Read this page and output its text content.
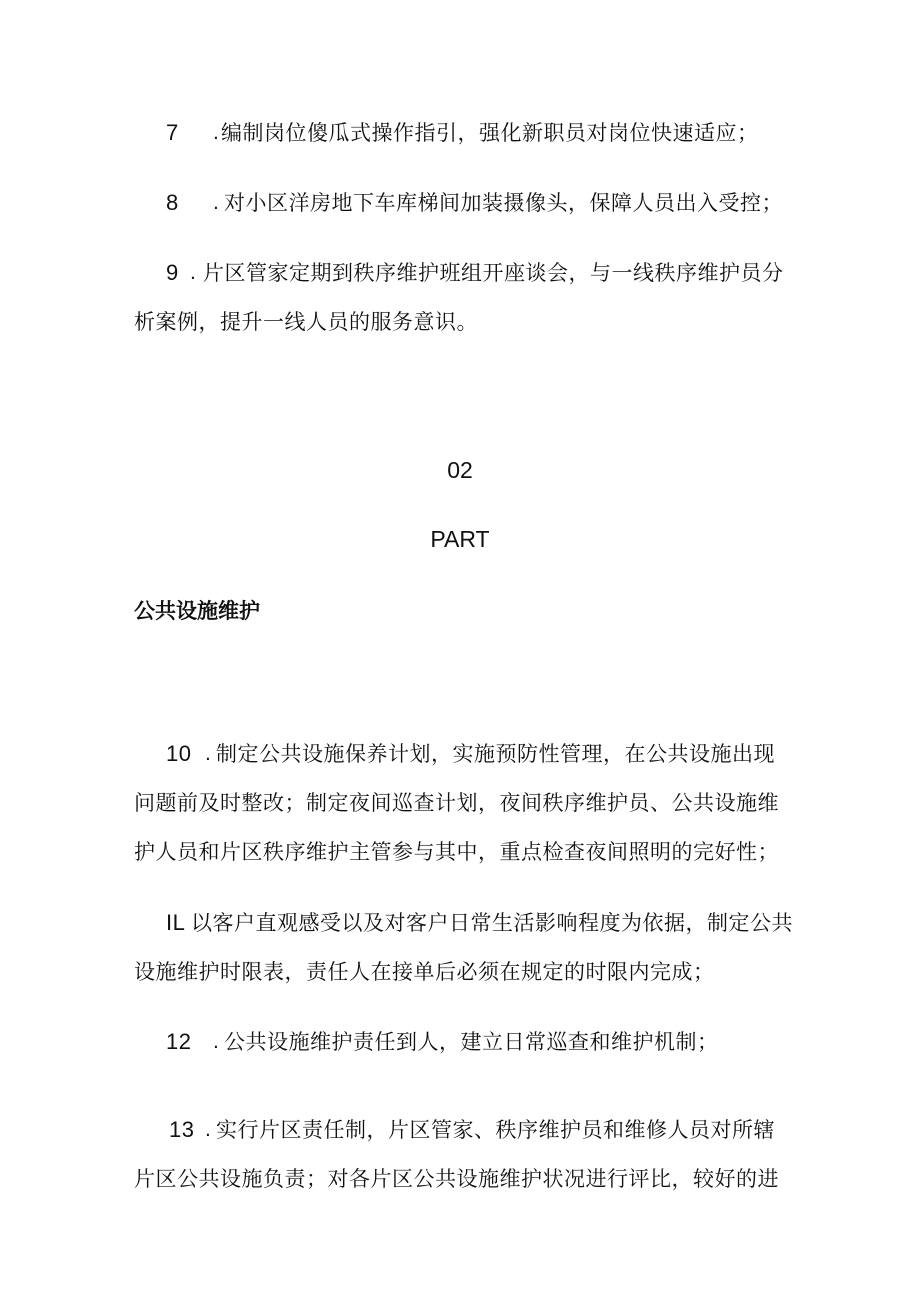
7 . 编制岗位傻瓜式操作指引，强化新职员对岗位快速适应；
8 . 对小区洋房地下车库梯间加装摄像头，保障人员出入受控；
9 . 片区管家定期到秩序维护班组开座谈会，与一线秩序维护员分
析案例，提升一线人员的服务意识。
02
PART
公共设施维护
10 . 制定公共设施保养计划，实施预防性管理，在公共设施出现
问题前及时整改；制定夜间巡查计划，夜间秩序维护员、公共设施维
护人员和片区秩序维护主管参与其中，重点检查夜间照明的完好性；
IL 以客户直观感受以及对客户日常生活影响程度为依据，制定公共
设施维护时限表，责任人在接单后必须在规定的时限内完成；
12 . 公共设施维护责任到人，建立日常巡查和维护机制；
13 . 实行片区责任制，片区管家、秩序维护员和维修人员对所辖
片区公共设施负责；对各片区公共设施维护状况进行评比，较好的进
